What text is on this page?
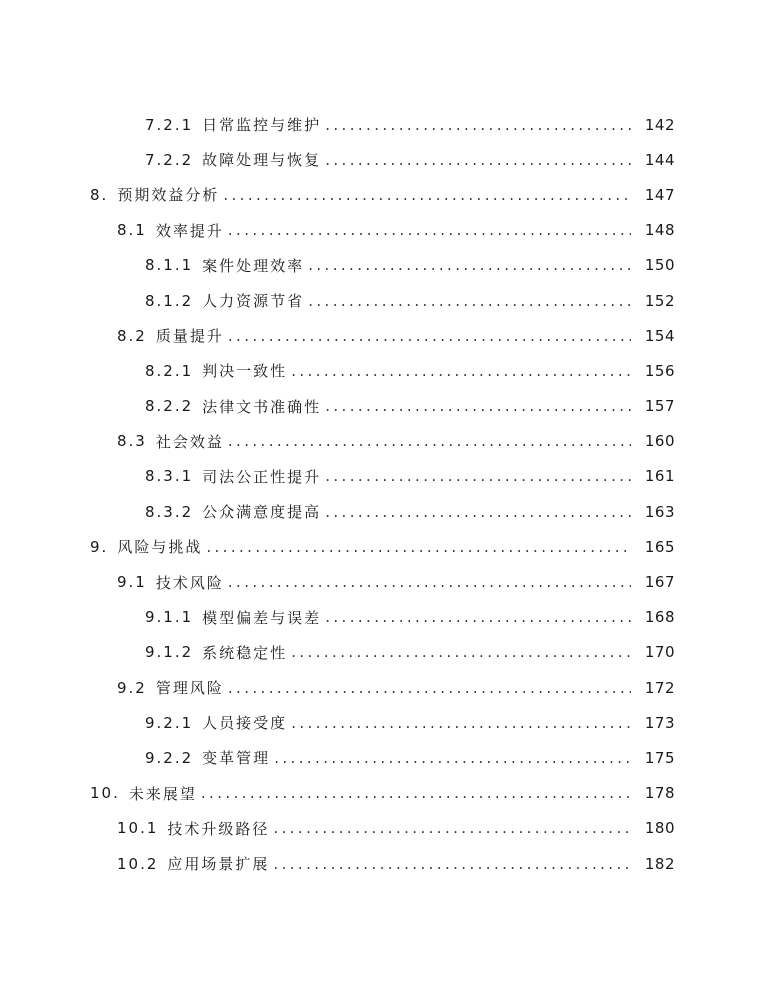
7.2.1 日常监控与维护 .....	142
7.2.2 故障处理与恢复 .....	144
8. 预期效益分析 .....	147
8.1 效率提升 .....	148
8.1.1 案件处理效率 .....	150
8.1.2 人力资源节省 .....	152
8.2 质量提升 .....	154
8.2.1 判决一致性 .....	156
8.2.2 法律文书准确性 .....	157
8.3 社会效益 .....	160
8.3.1 司法公正性提升 .....	161
8.3.2 公众满意度提高 .....	163
9. 风险与挑战 .....	165
9.1 技术风险 .....	167
9.1.1 模型偏差与误差 .....	168
9.1.2 系统稳定性 .....	170
9.2 管理风险 .....	172
9.2.1 人员接受度 .....	173
9.2.2 变革管理 .....	175
10. 未来展望 .....	178
10.1 技术升级路径 .....	180
10.2 应用场景扩展 .....	182
